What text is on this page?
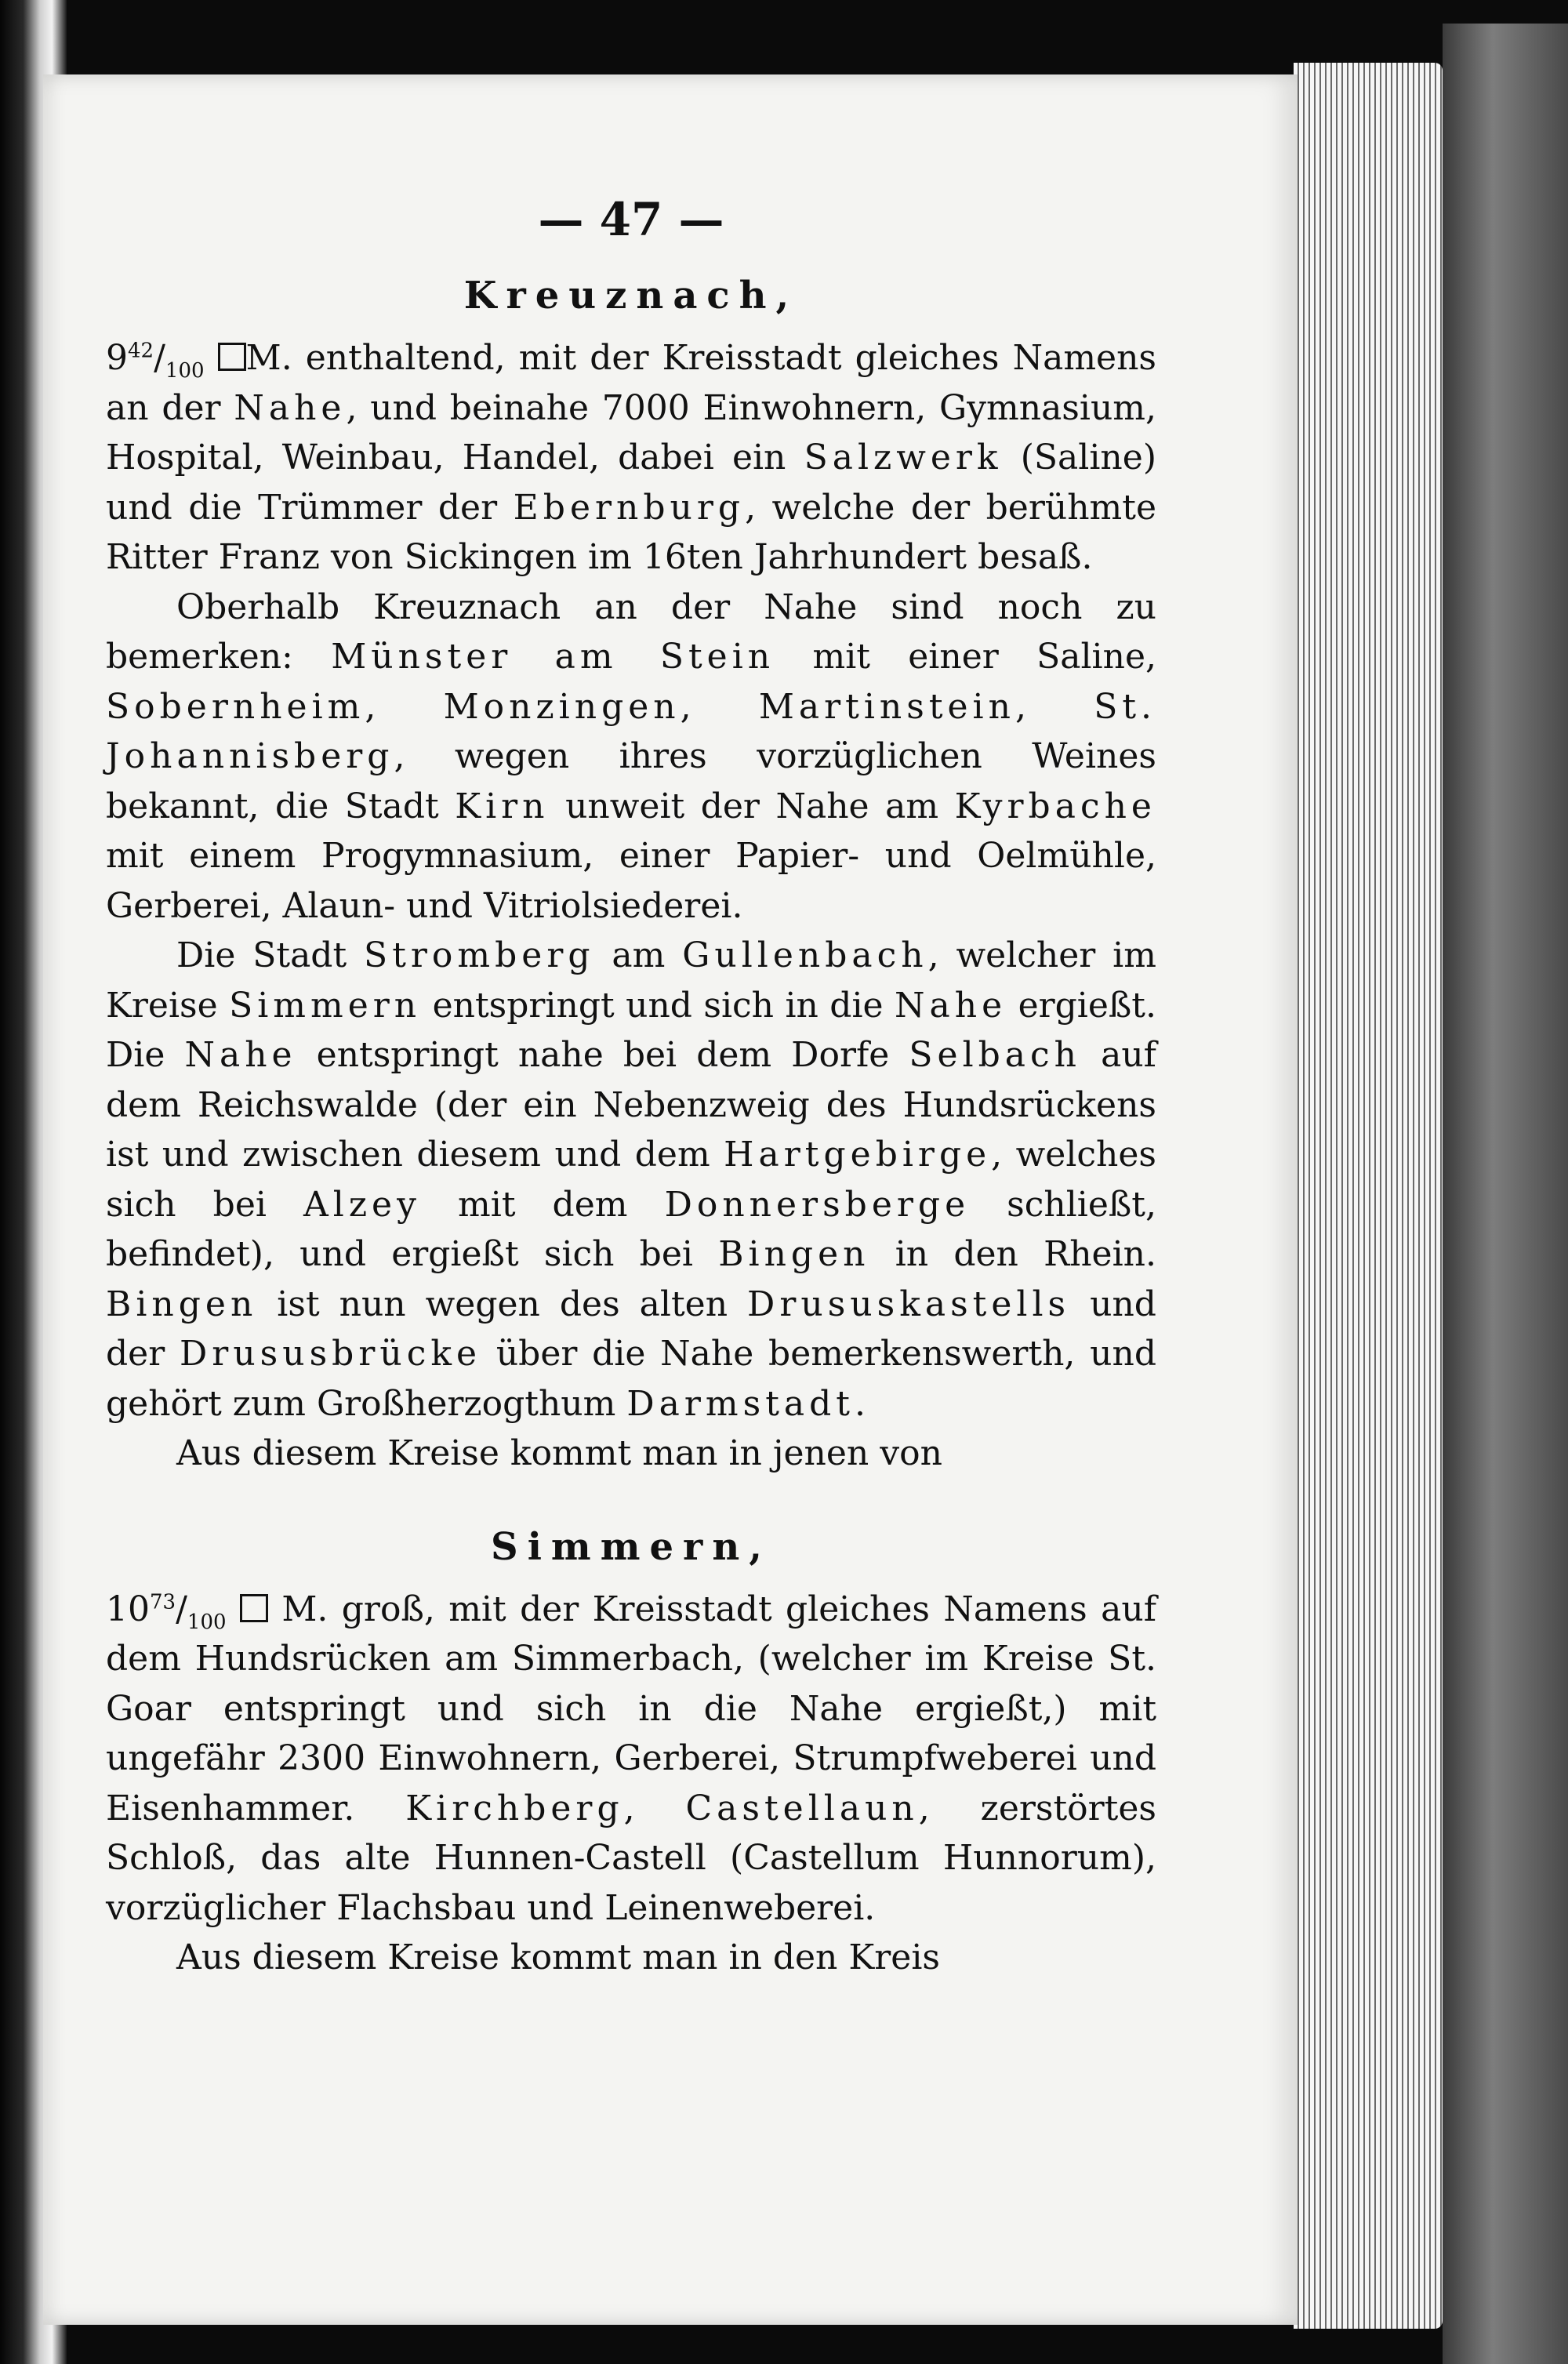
— 47 —
Kreuznach,

$9^{42}/_{100}$ M. enthaltend, mit der Kreisstadt gleiches Namens an der Nahe, und beinahe 7000 Einwohnern, Gymnasium, Hospital, Weinbau, Handel, dabei ein Salzwerk (Saline) und die Trümmer der Ebernburg, welche der berühmte Ritter Franz von Sickingen im 16ten Jahrhundert besaß.

Oberhalb Kreuznach an der Nahe sind noch zu bemerken: Münster am Stein mit einer Saline, Sobernheim, Monzingen, Martinstein, St. Johannisberg, wegen ihres vorzüglichen Weines bekannt, die Stadt Kirn unweit der Nahe am Kyrbache mit einem Progymnasium, einer Papier- und Oelmühle, Gerberei, Alaun- und Vitriolsiederei.

Die Stadt Stromberg am Gullenbach, welcher im Kreise Simmern entspringt und sich in die Nahe ergießt. Die Nahe entspringt nahe bei dem Dorfe Selbach auf dem Reichswalde (der ein Nebenzweig des Hundsrückens ist und zwischen diesem und dem Hartgebirge, welches sich bei Alzey mit dem Donnersberge schließt, befindet), und ergießt sich bei Bingen in den Rhein. Bingen ist nun wegen des alten Drususkastells und der Drususbrücke über die Nahe bemerkenswerth, und gehört zum Großherzogthum Darmstadt.

Aus diesem Kreise kommt man in jenen von

Simmern,

$10^{73}/_{100}$ M. groß, mit der Kreisstadt gleiches Namens auf dem Hundsrücken am Simmerbach, (welcher im Kreise St. Goar entspringt und sich in die Nahe ergießt,) mit ungefähr 2300 Einwohnern, Gerberei, Strumpfweberei und Eisenhammer. Kirchberg, Castellaun, zerstörtes Schloß, das alte Hunnen-Castell (Castellum Hunnorum), vorzüglicher Flachsbau und Leinenweberei.

Aus diesem Kreise kommt man in den Kreis
